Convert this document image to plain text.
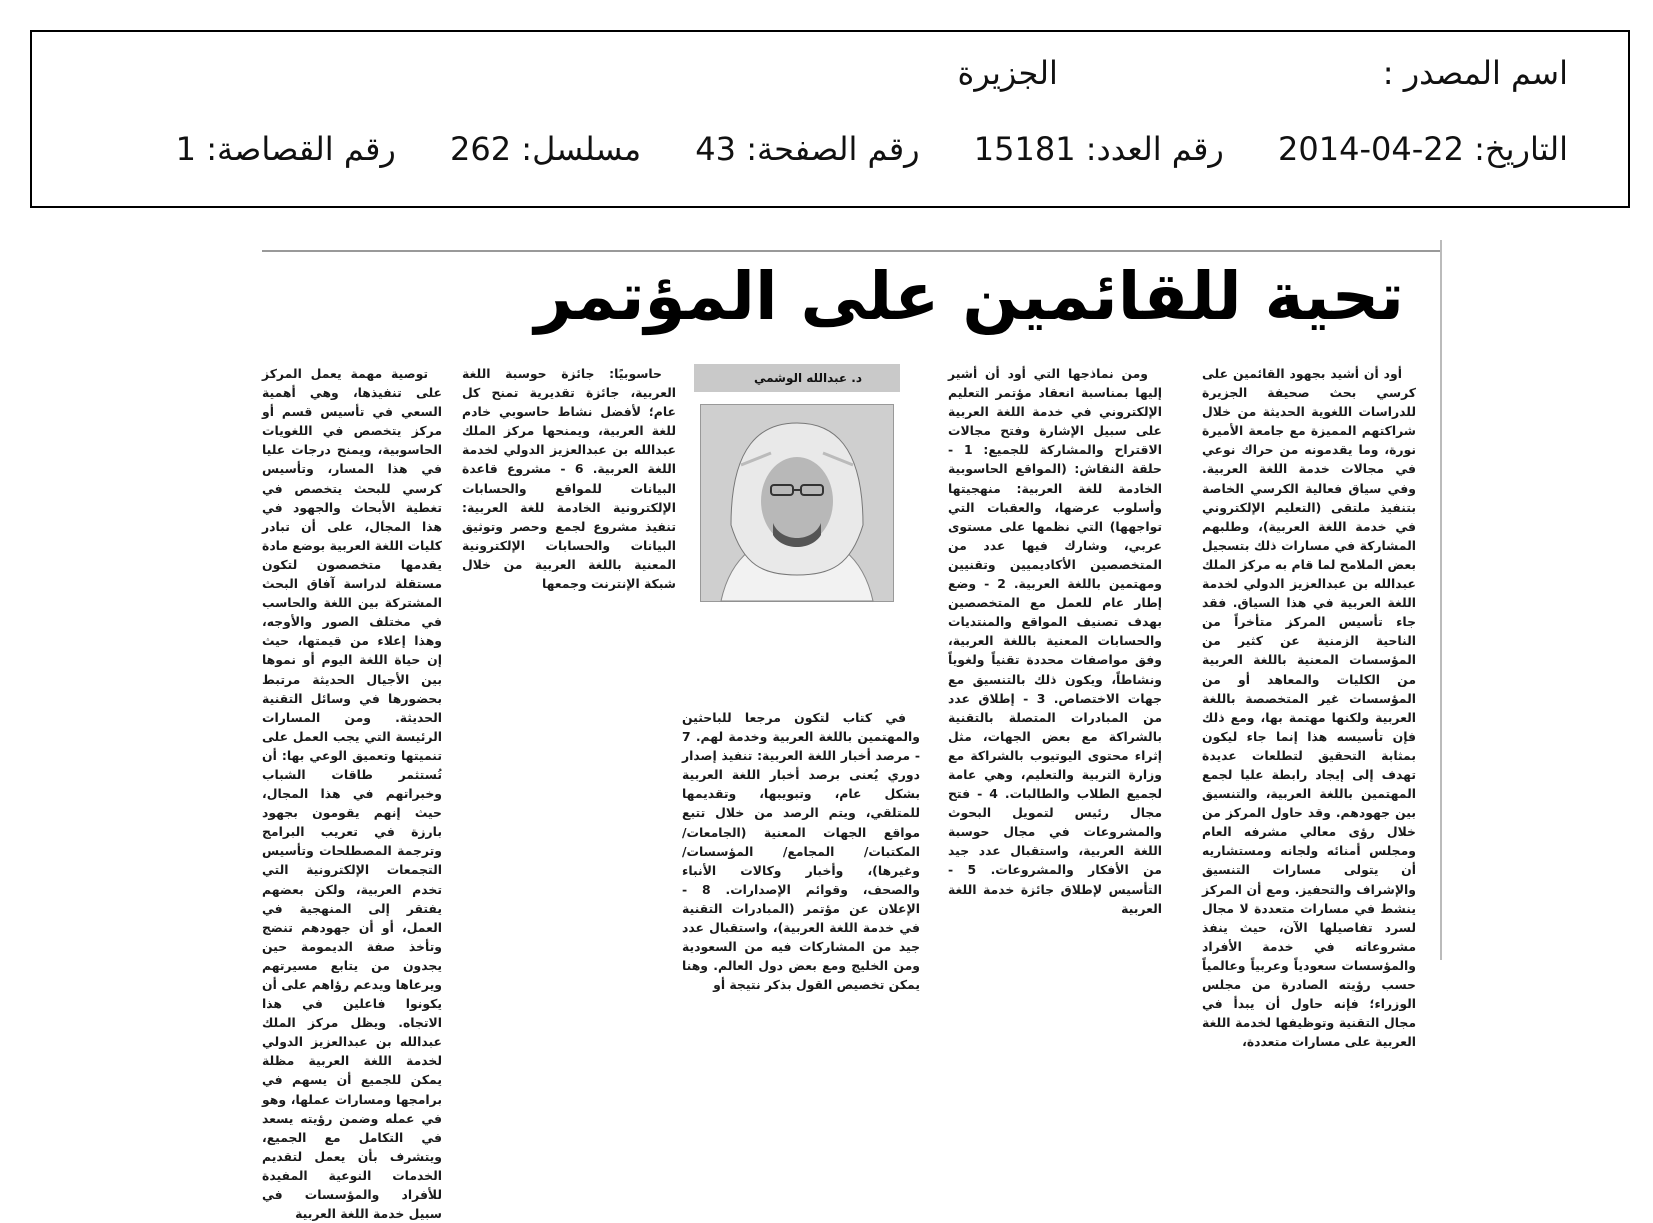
اسم المصدر : الجزيرة
التاريخ: 2014-04-22 رقم العدد: 15181 رقم الصفحة: 43 مسلسل: 262 رقم القصاصة: 1
تحية للقائمين على المؤتمر

أود أن أشيد بجهود القائمين على كرسي بحث صحيفة الجزيرة للدراسات اللغوية الحديثة من خلال شراكتهم المميزة مع جامعة الأميرة نورة، وما يقدمونه من حراك نوعي في مجالات خدمة اللغة العربية. وفي سياق فعالية الكرسي الخاصة بتنفيذ ملتقى (التعليم الإلكتروني في خدمة اللغة العربية)، وطلبهم المشاركة في مسارات ذلك بتسجيل بعض الملامح لما قام به مركز الملك عبدالله بن عبدالعزيز الدولي لخدمة اللغة العربية في هذا السياق. فقد جاء تأسيس المركز متأخراً من الناحية الزمنية عن كثير من المؤسسات المعنية باللغة العربية من الكليات والمعاهد أو من المؤسسات غير المتخصصة باللغة العربية ولكنها مهتمة بها، ومع ذلك فإن تأسيسه هذا إنما جاء ليكون بمثابة التحقيق لتطلعات عديدة تهدف إلى إيجاد رابطة عليا لجمع المهتمين باللغة العربية، والتنسيق بين جهودهم. وقد حاول المركز من خلال رؤى معالي مشرفه العام ومجلس أمنائه ولجانه ومستشاريه أن يتولى مسارات التنسيق والإشراف والتحفيز. ومع أن المركز ينشط في مسارات متعددة لا مجال لسرد تفاصيلها الآن، حيث ينفذ مشروعاته في خدمة الأفراد والمؤسسات سعودياً وعربياً وعالمياً حسب رؤيته الصادرة من مجلس الوزراء؛ فإنه حاول أن يبدأ في مجال التقنية وتوظيفها لخدمة اللغة العربية على مسارات متعددة،

ومن نماذجها التي أود أن أشير إليها بمناسبة انعقاد مؤتمر التعليم الإلكتروني في خدمة اللغة العربية على سبيل الإشارة وفتح مجالات الاقتراح والمشاركة للجميع: 1 - حلقة النقاش: (المواقع الحاسوبية الخادمة للغة العربية: منهجيتها وأسلوب عرضها، والعقبات التي تواجهها) التي نظمها على مستوى عربي، وشارك فيها عدد من المتخصصين الأكاديميين وتقنيين ومهتمين باللغة العربية. 2 - وضع إطار عام للعمل مع المتخصصين بهدف تصنيف المواقع والمنتديات والحسابات المعنية باللغة العربية، وفق مواصفات محددة تقنياً ولغوياً ونشاطاً، ويكون ذلك بالتنسيق مع جهات الاختصاص. 3 - إطلاق عدد من المبادرات المتصلة بالتقنية بالشراكة مع بعض الجهات، مثل إثراء محتوى اليوتيوب بالشراكة مع وزارة التربية والتعليم، وهي عامة لجميع الطلاب والطالبات. 4 - فتح مجال رئيس لتمويل البحوث والمشروعات في مجال حوسبة اللغة العربية، واستقبال عدد جيد من الأفكار والمشروعات. 5 - التأسيس لإطلاق جائزة خدمة اللغة العربية

د. عبدالله الوشمي

في كتاب لتكون مرجعا للباحثين والمهتمين باللغة العربية وخدمة لهم. 7 - مرصد أخبار اللغة العربية: تنفيذ إصدار دوري يُعنى برصد أخبار اللغة العربية بشكل عام، وتبويبها، وتقديمها للمتلقي، ويتم الرصد من خلال تتبع مواقع الجهات المعنية (الجامعات/ المكتبات/ المجامع/ المؤسسات/ وغيرها)، وأخبار وكالات الأنباء والصحف، وقوائم الإصدارات. 8 - الإعلان عن مؤتمر (المبادرات التقنية في خدمة اللغة العربية)، واستقبال عدد جيد من المشاركات فيه من السعودية ومن الخليج ومع بعض دول العالم. وهنا يمكن تخصيص القول بذكر نتيجة أو

حاسوبيًا: جائزة حوسبة اللغة العربية، جائزة تقديرية تمنح كل عام؛ لأفضل نشاط حاسوبي خادم للغة العربية، ويمنحها مركز الملك عبدالله بن عبدالعزيز الدولي لخدمة اللغة العربية. 6 - مشروع قاعدة البيانات للمواقع والحسابات الإلكترونية الخادمة للغة العربية: تنفيذ مشروع لجمع وحصر وتوثيق البيانات والحسابات الإلكترونية المعنية باللغة العربية من خلال شبكة الإنترنت وجمعها

توصية مهمة يعمل المركز على تنفيذها، وهي أهمية السعي في تأسيس قسم أو مركز يتخصص في اللغويات الحاسوبية، ويمنح درجات عليا في هذا المسار، وتأسيس كرسي للبحث يتخصص في تغطية الأبحاث والجهود في هذا المجال، على أن تبادر كليات اللغة العربية بوضع مادة يقدمها متخصصون لتكون مستقلة لدراسة آفاق البحث المشتركة بين اللغة والحاسب في مختلف الصور والأوجه، وهذا إعلاء من قيمتها، حيث إن حياة اللغة اليوم أو نموها بين الأجيال الحديثة مرتبط بحضورها في وسائل التقنية الحديثة. ومن المسارات الرئيسة التي يجب العمل على تنميتها وتعميق الوعي بها: أن تُستثمر طاقات الشباب وخبراتهم في هذا المجال، حيث إنهم يقومون بجهود بارزة في تعريب البرامج وترجمة المصطلحات وتأسيس التجمعات الإلكترونية التي تخدم العربية، ولكن بعضهم يفتقر إلى المنهجية في العمل، أو أن جهودهم تنضج وتأخذ صفة الديمومة حين يجدون من يتابع مسيرتهم ويرعاها ويدعم رؤاهم على أن يكونوا فاعلين في هذا الاتجاه. ويظل مركز الملك عبدالله بن عبدالعزيز الدولي لخدمة اللغة العربية مظلة يمكن للجميع أن يسهم في برامجها ومسارات عملها، وهو في عمله وضمن رؤيته يسعد في التكامل مع الجميع، ويتشرف بأن يعمل لتقديم الخدمات النوعية المفيدة للأفراد والمؤسسات في سبيل خدمة اللغة العربية
